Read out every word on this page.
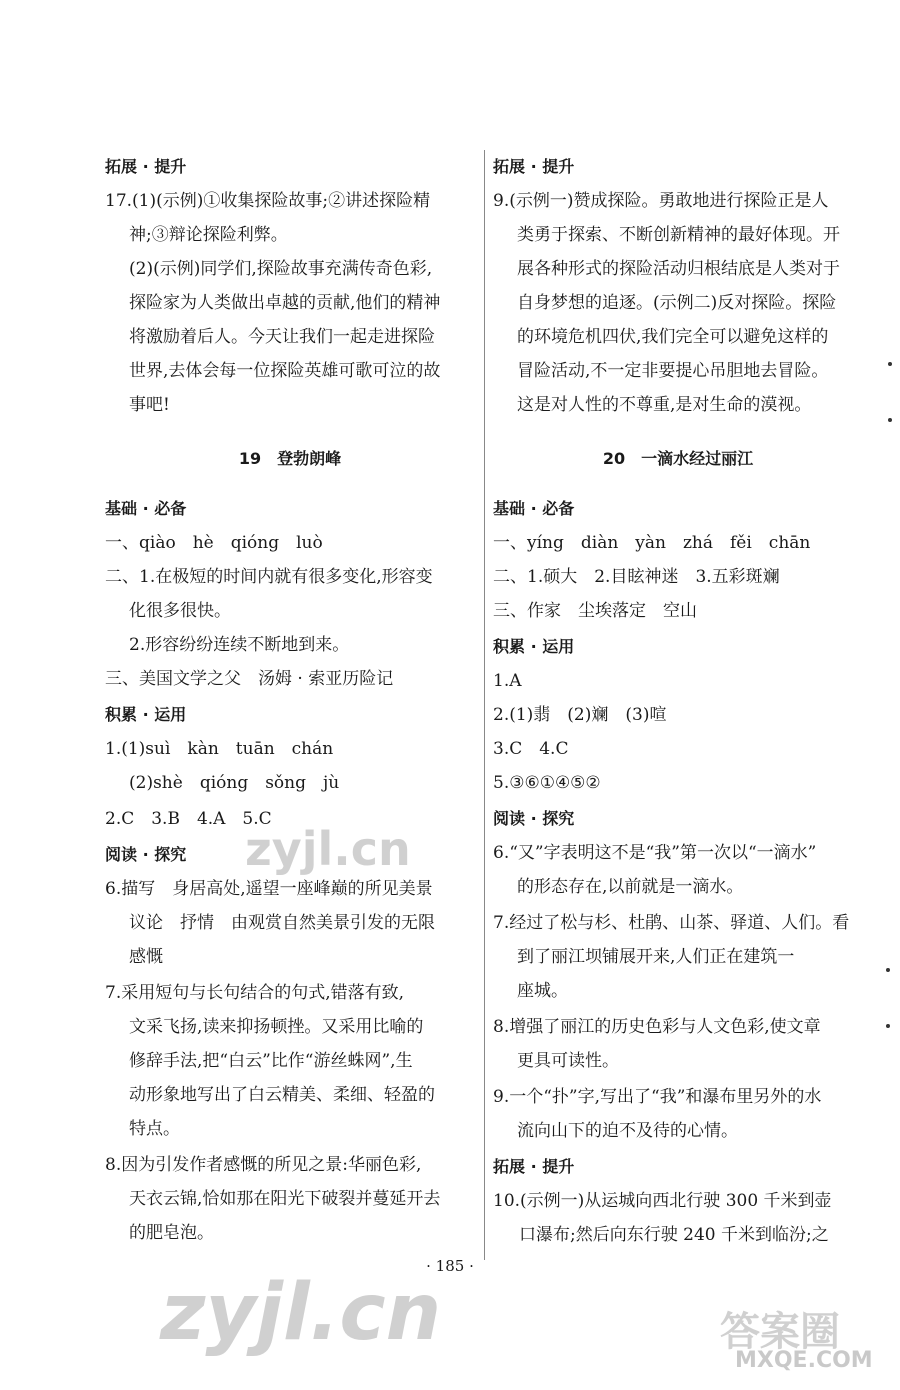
拓展 · 提升
17.(1)(示例)①收集探险故事;②讲述探险精
神;③辩论探险利弊。
(2)(示例)同学们,探险故事充满传奇色彩,
探险家为人类做出卓越的贡献,他们的精神
将激励着后人。今天让我们一起走进探险
世界,去体会每一位探险英雄可歌可泣的故
事吧!
19　登勃朗峰
基础 · 必备
一、qiào　hè　qióng　luò
二、1.在极短的时间内就有很多变化,形容变
化很多很快。
2.形容纷纷连续不断地到来。
三、美国文学之父　汤姆 · 索亚历险记
积累 · 运用
1.(1)suì　kàn　tuān　chán
(2)shè　qióng　sǒng　jù
2.C　3.B　4.A　5.C
阅读 · 探究
6.描写　身居高处,遥望一座峰巅的所见美景
议论　抒情　由观赏自然美景引发的无限
感慨
7.采用短句与长句结合的句式,错落有致,
文采飞扬,读来抑扬顿挫。又采用比喻的
修辞手法,把“白云”比作“游丝蛛网”,生
动形象地写出了白云精美、柔细、轻盈的
特点。
8.因为引发作者感慨的所见之景:华丽色彩,
天衣云锦,恰如那在阳光下破裂并蔓延开去
的肥皂泡。
拓展 · 提升
9.(示例一)赞成探险。勇敢地进行探险正是人
类勇于探索、不断创新精神的最好体现。开
展各种形式的探险活动归根结底是人类对于
自身梦想的追逐。(示例二)反对探险。探险
的环境危机四伏,我们完全可以避免这样的
冒险活动,不一定非要提心吊胆地去冒险。
这是对人性的不尊重,是对生命的漠视。
20　一滴水经过丽江
基础 · 必备
一、yíng　diàn　yàn　zhá　fěi　chān
二、1.硕大　2.目眩神迷　3.五彩斑斓
三、作家　尘埃落定　空山
积累 · 运用
1.A
2.(1)翡　(2)斓　(3)喧
3.C　4.C
5.③⑥①④⑤②
阅读 · 探究
6.“又”字表明这不是“我”第一次以“一滴水”
的形态存在,以前就是一滴水。
7.经过了松与杉、杜鹃、山茶、驿道、人们。看
到了丽江坝铺展开来,人们正在建筑一
座城。
8.增强了丽江的历史色彩与人文色彩,使文章
更具可读性。
9.一个“扑”字,写出了“我”和瀑布里另外的水
流向山下的迫不及待的心情。
拓展 · 提升
10.(示例一)从运城向西北行驶 300 千米到壶
口瀑布;然后向东行驶 240 千米到临汾;之
· 185 ·
zyjl.cn
zyjl.cn	答案圈
MXQE.COM
